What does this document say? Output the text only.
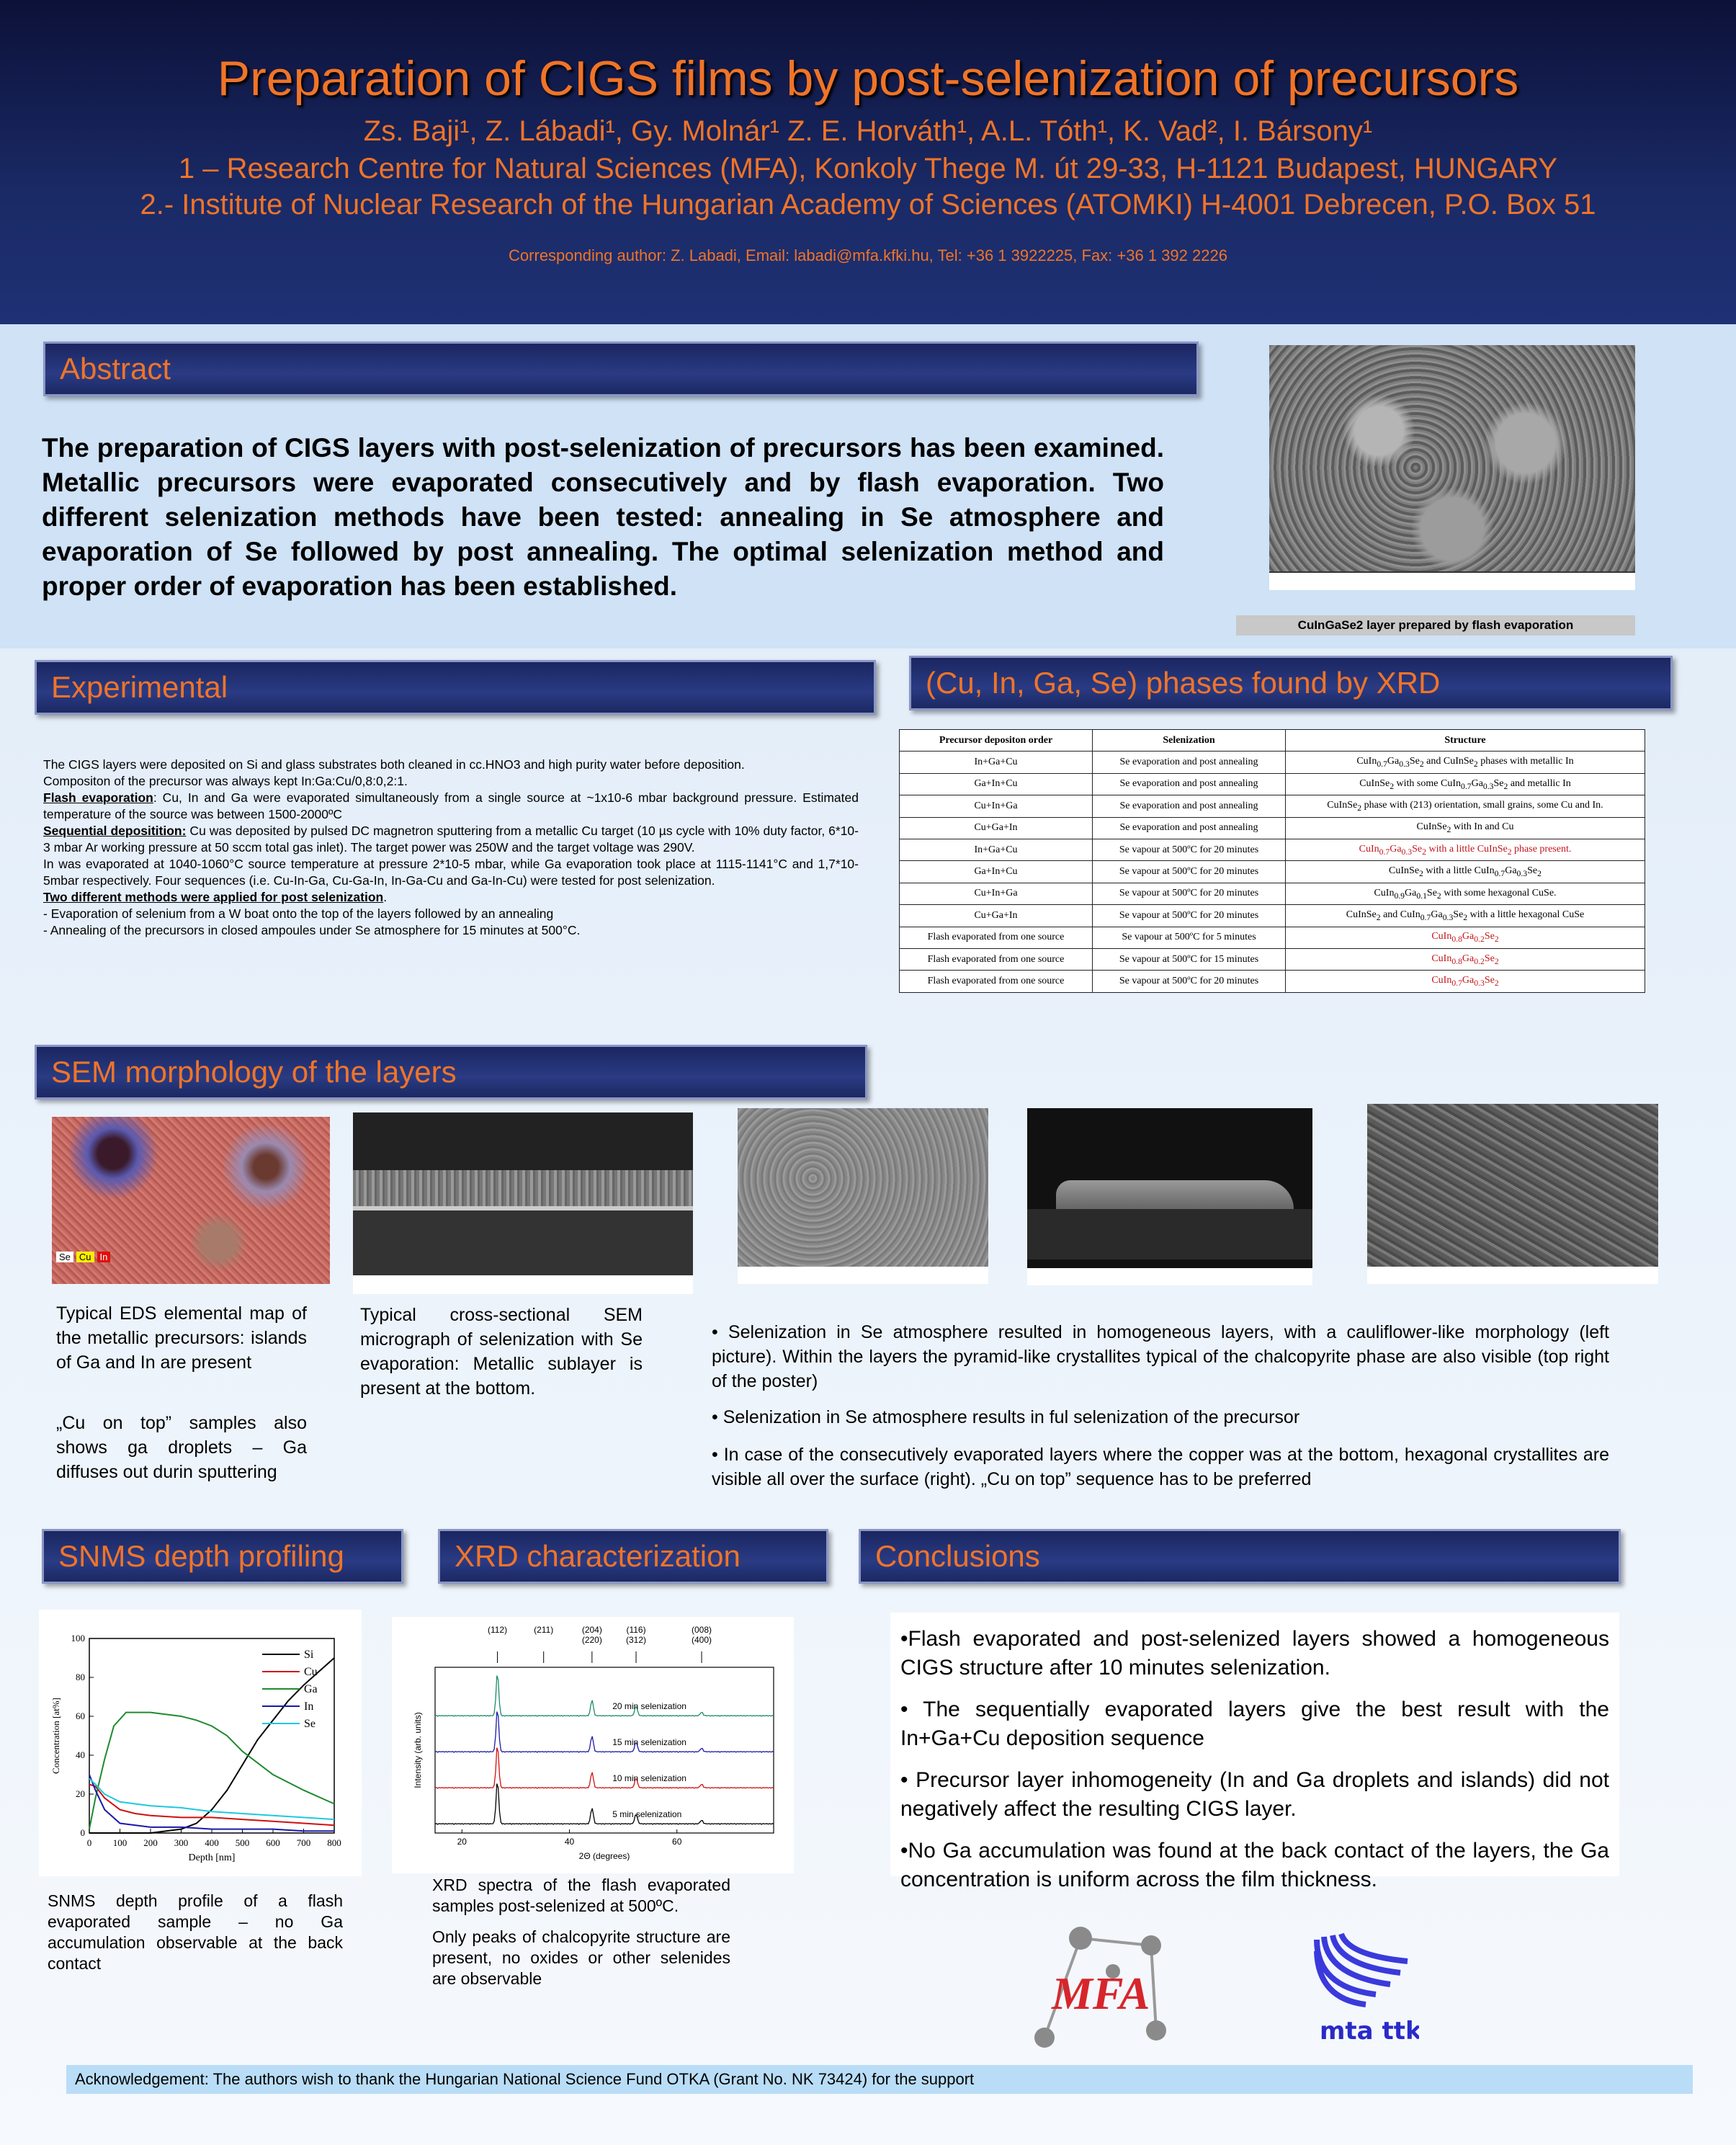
Preparation of CIGS films by post-selenization of precursors
Zs. Baji¹, Z. Lábadi¹, Gy. Molnár¹ Z. E. Horváth¹, A.L. Tóth¹, K. Vad², I. Bársony¹
1 – Research Centre for Natural Sciences (MFA), Konkoly Thege M. út 29-33, H-1121 Budapest, HUNGARY
2.- Institute of Nuclear Research of the Hungarian Academy of Sciences (ATOMKI) H-4001 Debrecen, P.O. Box 51
Corresponding author: Z. Labadi, Email: labadi@mfa.kfki.hu, Tel: +36 1 3922225, Fax: +36 1 392 2226
Abstract
The preparation of CIGS layers with post-selenization of precursors has been examined. Metallic precursors were evaporated consecutively and by flash evaporation. Two different selenization methods have been tested: annealing in Se atmosphere and evaporation of Se followed by post annealing. The optimal selenization method and proper order of evaporation has been established.
CuInGaSe2 layer prepared by flash evaporation
Experimental

The CIGS layers were deposited on Si and glass substrates both cleaned in cc.HNO3 and high purity water before deposition.

Compositon of the precursor was always kept In:Ga:Cu/0,8:0,2:1.

Flash evaporation: Cu, In and Ga were evaporated simultaneously from a single source at ~1x10-6 mbar background pressure. Estimated temperature of the source was between 1500-2000ºC

Sequential depositition: Cu was deposited by pulsed DC magnetron sputtering from a metallic Cu target (10 µs cycle with 10% duty factor, 6*10-3 mbar Ar working pressure at 50 sccm total gas inlet). The target power was 250W and the target voltage was 290V.

In was evaporated at 1040-1060°C source temperature at pressure 2*10-5 mbar, while Ga evaporation took place at 1115-1141°C and 1,7*10-5mbar respectively. Four sequences (i.e. Cu-In-Ga, Cu-Ga-In, In-Ga-Cu and Ga-In-Cu) were tested for post selenization.

Two different methods were applied for post selenization.

- Evaporation of selenium from a W boat onto the top of the layers followed by an annealing

- Annealing of the precursors in closed ampoules under Se atmosphere for 15 minutes at 500°C.

(Cu, In, Ga, Se) phases found by XRD
Precursor depositon order	Selenization	Structure
In+Ga+Cu	Se evaporation and post annealing	$CuIn_{0.7}Ga_{0.3}Se_2$ and CuInSe$_2$ phases with metallic In
Ga+In+Cu	Se evaporation and post annealing	CuInSe$_2$ with some $CuIn_{0.7}Ga_{0.3}Se_2$ and metallic In
Cu+In+Ga	Se evaporation and post annealing	CuInSe$_2$ phase with (213) orientation, small grains, some Cu and In.
Cu+Ga+In	Se evaporation and post annealing	CuInSe$_2$ with In and Cu
In+Ga+Cu	Se vapour at 500ºC for 20 minutes	$CuIn_{0.7}Ga_{0.3}Se_2$ with a little CuInSe$_2$ phase present.
Ga+In+Cu	Se vapour at 500ºC for 20 minutes	CuInSe$_2$ with a little $CuIn_{0.7}Ga_{0.3}Se_2$
Cu+In+Ga	Se vapour at 500ºC for 20 minutes	$CuIn_{0.9}Ga_{0.1}Se_2$ with some hexagonal CuSe.
Cu+Ga+In	Se vapour at 500ºC for 20 minutes	CuInSe$_2$ and $CuIn_{0.7}Ga_{0.3}Se_2$ with a little hexagonal CuSe
Flash evaporated from one source	Se vapour at 500ºC for 5 minutes	$CuIn_{0.8}Ga_{0.2}Se_2$
Flash evaporated from one source	Se vapour at 500ºC for 15 minutes	$CuIn_{0.8}Ga_{0.2}Se_2$
Flash evaporated from one source	Se vapour at 500ºC for 20 minutes	$CuIn_{0.7}Ga_{0.3}Se_2$
SEM morphology of the layers
Se Cu In
Typical EDS elemental map of the metallic precursors: islands of Ga and In are present
„Cu on top” samples also shows ga droplets – Ga diffuses out durin sputtering
Typical cross-sectional SEM micrograph of selenization with Se evaporation: Metallic sublayer is present at the bottom.
• Selenization in Se atmosphere resulted in homogeneous layers, with a cauliflower-like morphology (left picture). Within the layers the pyramid-like crystallites typical of the chalcopyrite phase are also visible (top right of the poster)
• Selenization in Se atmosphere results in ful selenization of the precursor
• In case of the consecutively evaporated layers where the copper was at the bottom, hexagonal crystallites are visible all over the surface (right). „Cu on top” sequence has to be preferred
SNMS depth profiling
0 100 200 300 400 500 600 700 800
0
20
40
60
80
100
Depth [nm]
Concentration [at%]
Si
Cu
Ga
In
Se
SNMS depth profile of a flash evaporated sample – no Ga accumulation observable at the back contact
XRD characterization
20	40	60
2Θ (degrees)
Intensity (arb. units)
(112)	(211)	(204)
(220)
(116)
(312)
(008)
(400)
20 min selenization
15 min selenization
10 min selenization
5 min selenization
XRD spectra of the flash evaporated samples post-selenized at 500ºC.
Only peaks of chalcopyrite structure are present, no oxides or other selenides are observable
Conclusions

•Flash evaporated and post-selenized layers showed a homogeneous CIGS structure after 10 minutes selenization.

• The sequentially evaporated layers give the best result with the In+Ga+Cu deposition sequence

• Precursor layer inhomogeneity (In and Ga droplets and islands) did not negatively affect the resulting CIGS layer.

•No Ga accumulation was found at the back contact of the layers, the Ga concentration is uniform across the film thickness.

MFA
mta ttk
Acknowledgement: The authors wish to thank the Hungarian National Science Fund OTKA (Grant No. NK 73424) for the support
